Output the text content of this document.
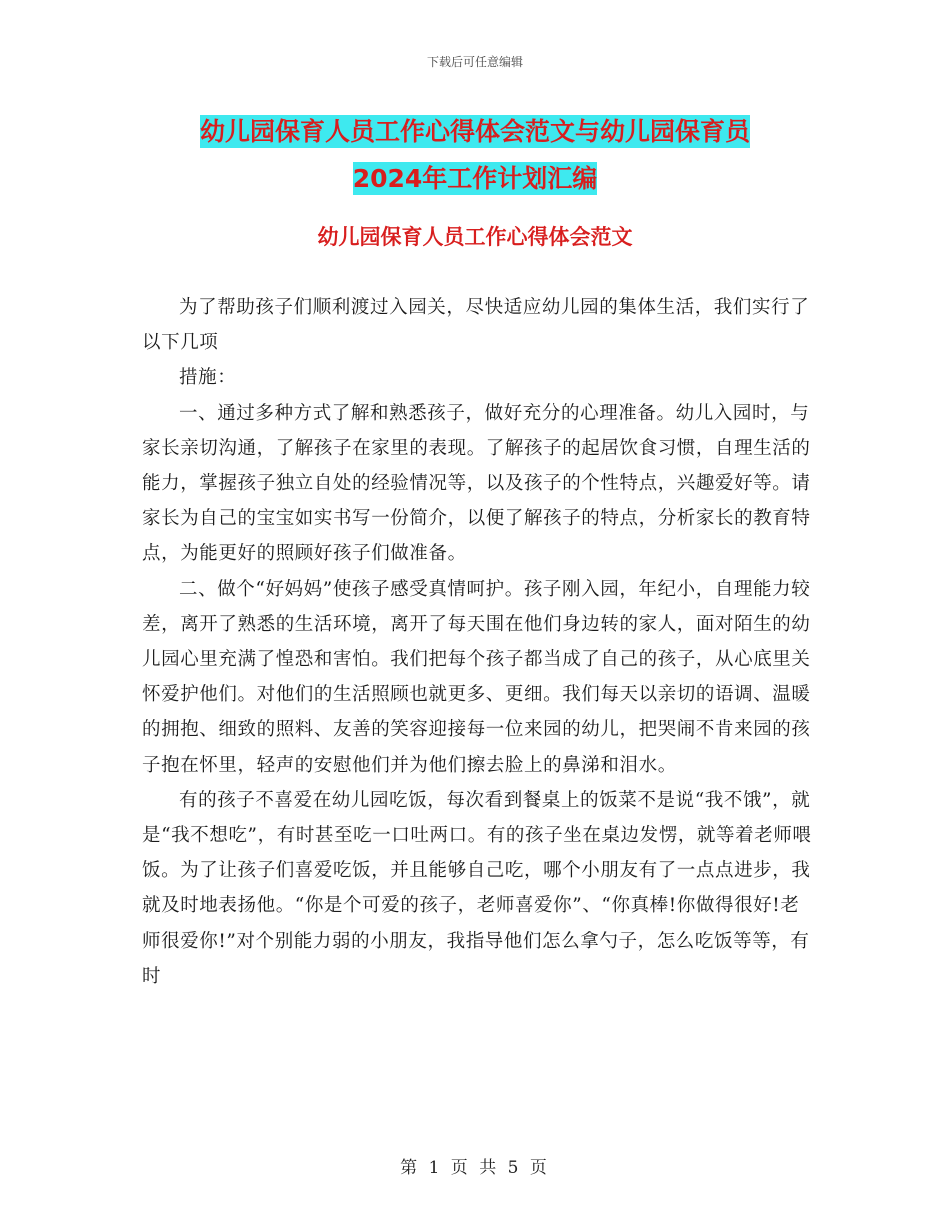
下载后可任意编辑
幼儿园保育人员工作心得体会范文与幼儿园保育员
2024年工作计划汇编
幼儿园保育人员工作心得体会范文

为了帮助孩子们顺利渡过入园关，尽快适应幼儿园的集体生活，我们实行了以下几项

措施：

一、通过多种方式了解和熟悉孩子，做好充分的心理准备。幼儿入园时，与家长亲切沟通，了解孩子在家里的表现。了解孩子的起居饮食习惯，自理生活的能力，掌握孩子独立自处的经验情况等，以及孩子的个性特点，兴趣爱好等。请家长为自己的宝宝如实书写一份简介，以便了解孩子的特点，分析家长的教育特点，为能更好的照顾好孩子们做准备。

二、做个“好妈妈”使孩子感受真情呵护。孩子刚入园，年纪小，自理能力较差，离开了熟悉的生活环境，离开了每天围在他们身边转的家人，面对陌生的幼儿园心里充满了惶恐和害怕。我们把每个孩子都当成了自己的孩子，从心底里关怀爱护他们。对他们的生活照顾也就更多、更细。我们每天以亲切的语调、温暖的拥抱、细致的照料、友善的笑容迎接每一位来园的幼儿，把哭闹不肯来园的孩子抱在怀里，轻声的安慰他们并为他们擦去脸上的鼻涕和泪水。

有的孩子不喜爱在幼儿园吃饭，每次看到餐桌上的饭菜不是说“我不饿”，就是“我不想吃”，有时甚至吃一口吐两口。有的孩子坐在桌边发愣，就等着老师喂饭。为了让孩子们喜爱吃饭，并且能够自己吃，哪个小朋友有了一点点进步，我就及时地表扬他。“你是个可爱的孩子，老师喜爱你”、“你真棒!你做得很好!老师很爱你!”对个别能力弱的小朋友，我指导他们怎么拿勺子，怎么吃饭等等，有时

第 1 页 共 5 页
